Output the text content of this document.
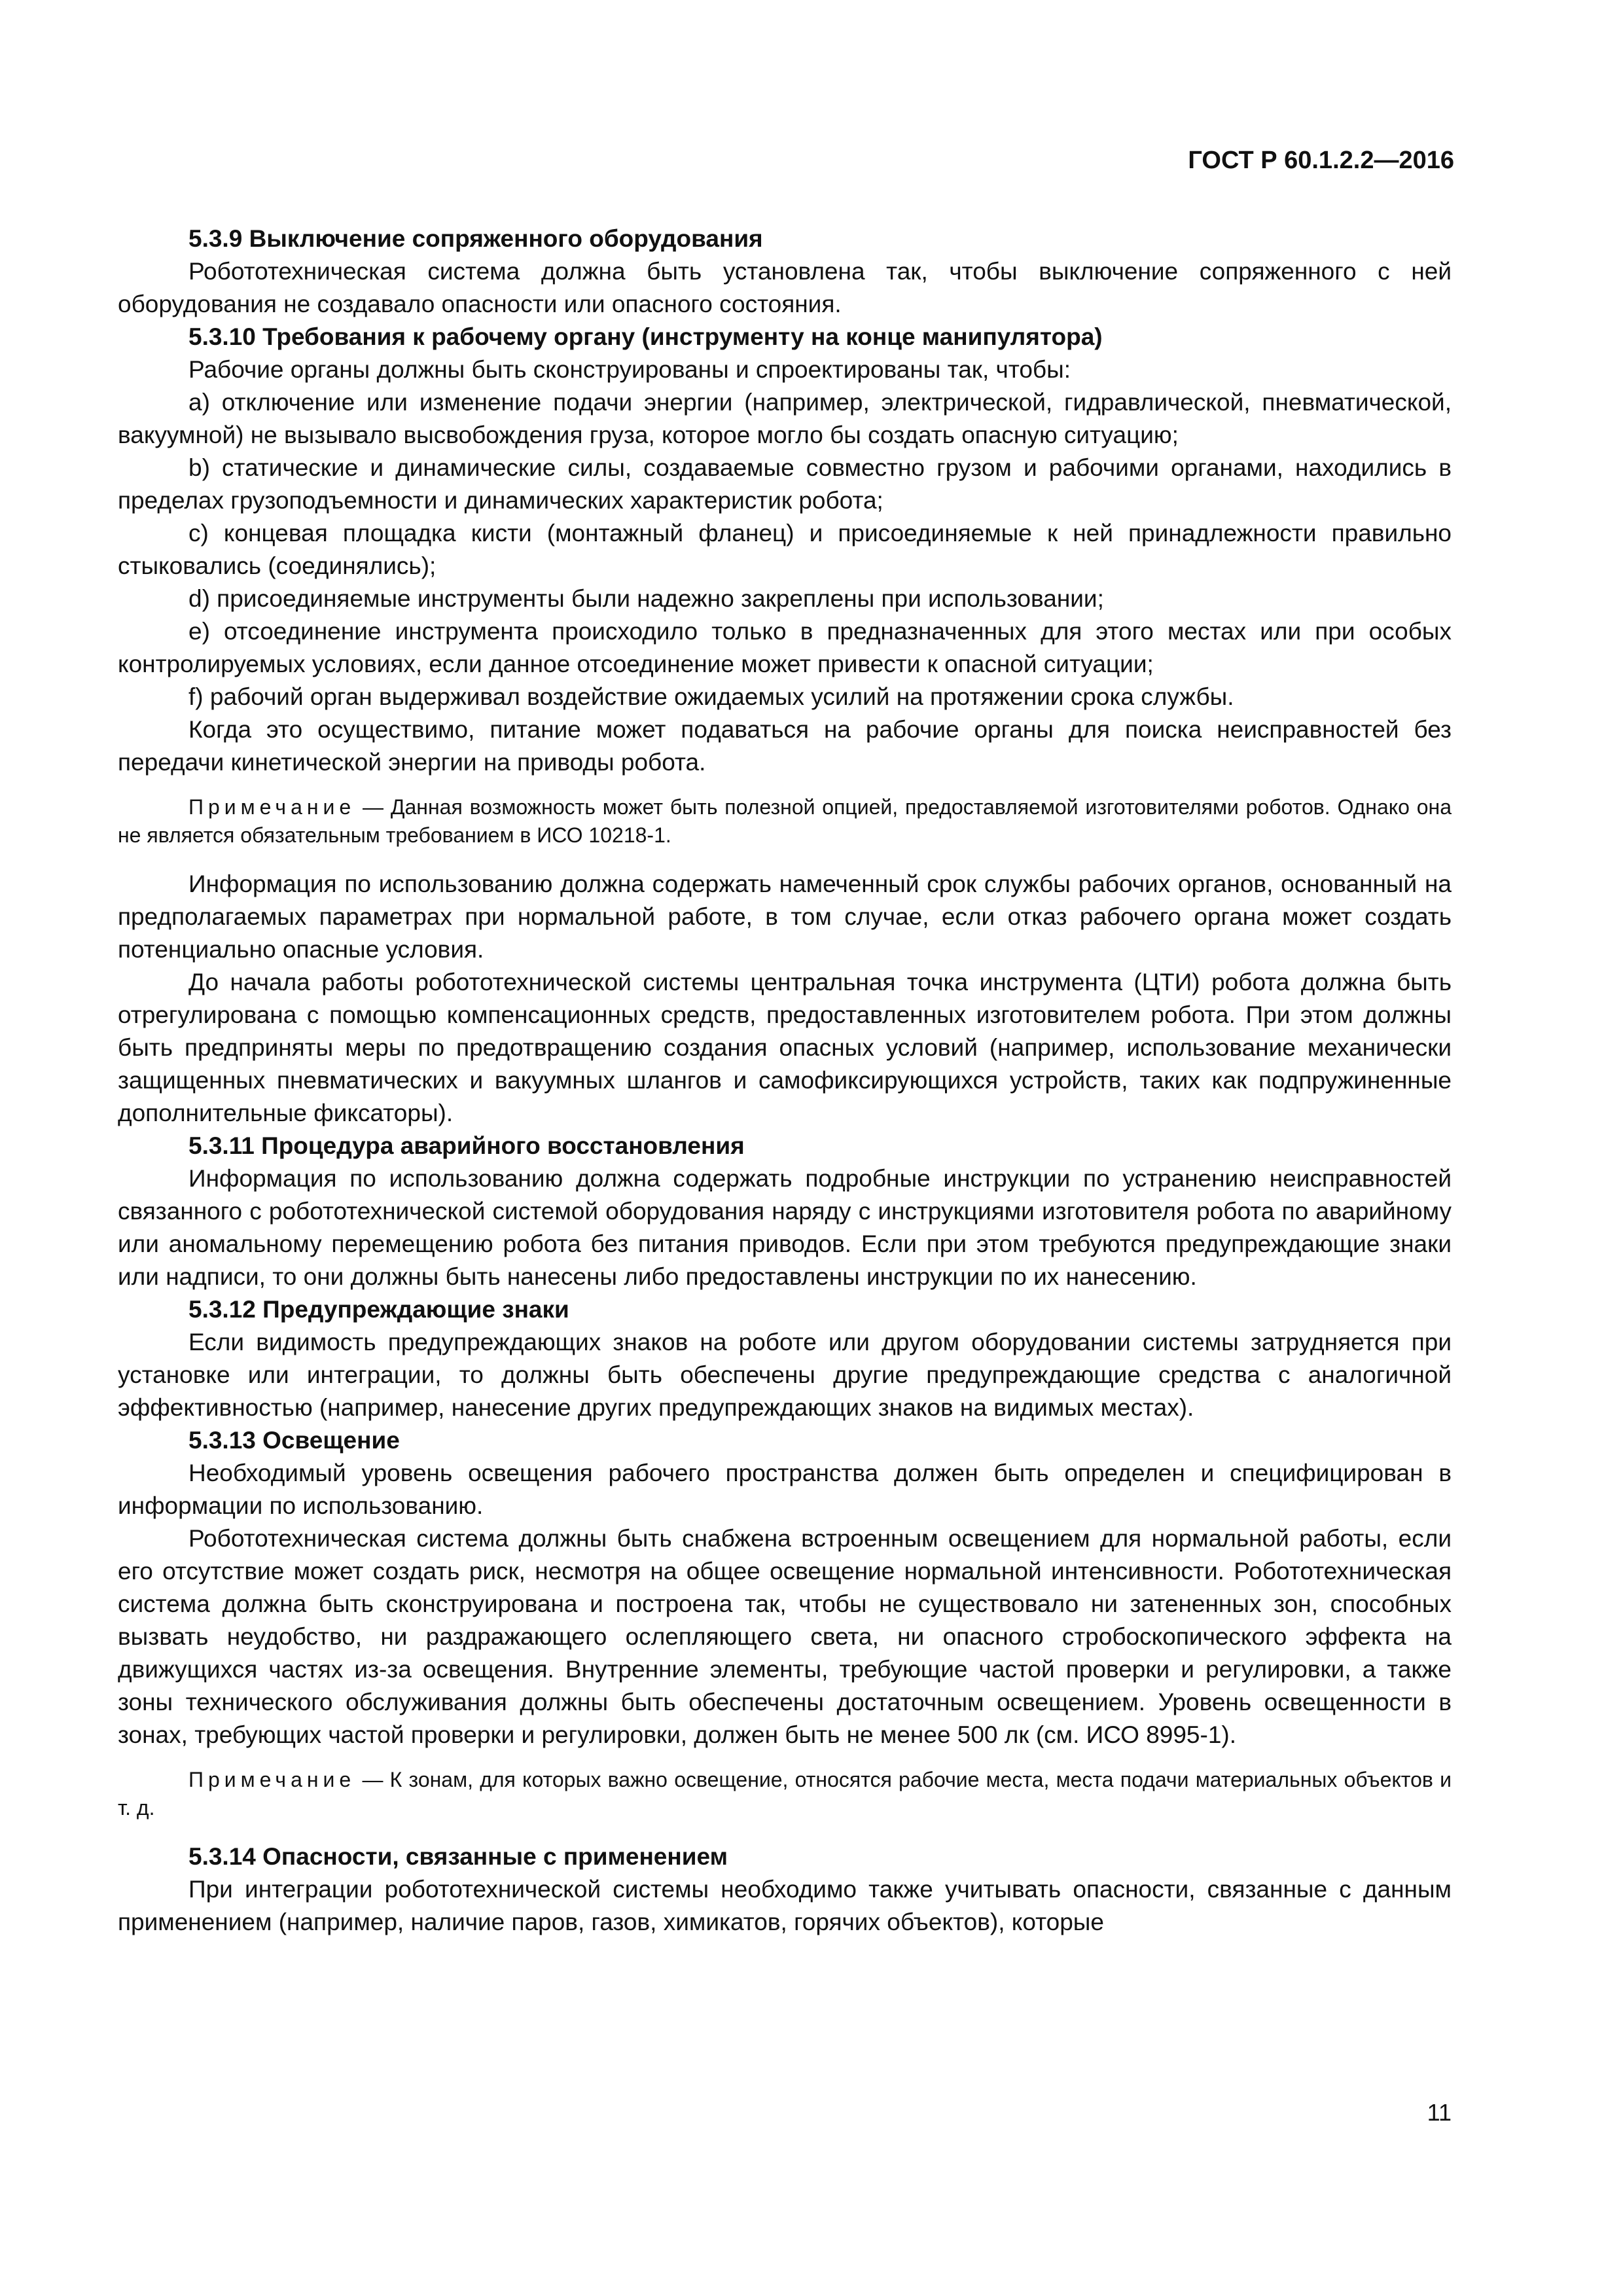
ГОСТ Р 60.1.2.2—2016

5.3.9 Выключение сопряженного оборудования

Робототехническая система должна быть установлена так, чтобы выключение сопряженного с ней оборудования не создавало опасности или опасного состояния.

5.3.10 Требования к рабочему органу (инструменту на конце манипулятора)

Рабочие органы должны быть сконструированы и спроектированы так, чтобы:

а) отключение или изменение подачи энергии (например, электрической, гидравлической, пневматической, вакуумной) не вызывало высвобождения груза, которое могло бы создать опасную ситуацию;

b) статические и динамические силы, создаваемые совместно грузом и рабочими органами, находились в пределах грузоподъемности и динамических характеристик робота;

c) концевая площадка кисти (монтажный фланец) и присоединяемые к ней принадлежности правильно стыковались (соединялись);

d) присоединяемые инструменты были надежно закреплены при использовании;

e) отсоединение инструмента происходило только в предназначенных для этого местах или при особых контролируемых условиях, если данное отсоединение может привести к опасной ситуации;

f) рабочий орган выдерживал воздействие ожидаемых усилий на протяжении срока службы.

Когда это осуществимо, питание может подаваться на рабочие органы для поиска неисправностей без передачи кинетической энергии на приводы робота.

Примечание — Данная возможность может быть полезной опцией, предоставляемой изготовителями роботов. Однако она не является обязательным требованием в ИСО 10218-1.

Информация по использованию должна содержать намеченный срок службы рабочих органов, основанный на предполагаемых параметрах при нормальной работе, в том случае, если отказ рабочего органа может создать потенциально опасные условия.

До начала работы робототехнической системы центральная точка инструмента (ЦТИ) робота должна быть отрегулирована с помощью компенсационных средств, предоставленных изготовителем робота. При этом должны быть предприняты меры по предотвращению создания опасных условий (например, использование механически защищенных пневматических и вакуумных шлангов и самофиксирующихся устройств, таких как подпружиненные дополнительные фиксаторы).

5.3.11 Процедура аварийного восстановления

Информация по использованию должна содержать подробные инструкции по устранению неисправностей связанного с робототехнической системой оборудования наряду с инструкциями изготовителя робота по аварийному или аномальному перемещению робота без питания приводов. Если при этом требуются предупреждающие знаки или надписи, то они должны быть нанесены либо предоставлены инструкции по их нанесению.

5.3.12 Предупреждающие знаки

Если видимость предупреждающих знаков на роботе или другом оборудовании системы затрудняется при установке или интеграции, то должны быть обеспечены другие предупреждающие средства с аналогичной эффективностью (например, нанесение других предупреждающих знаков на видимых местах).

5.3.13 Освещение

Необходимый уровень освещения рабочего пространства должен быть определен и специфицирован в информации по использованию.

Робототехническая система должны быть снабжена встроенным освещением для нормальной работы, если его отсутствие может создать риск, несмотря на общее освещение нормальной интенсивности. Робототехническая система должна быть сконструирована и построена так, чтобы не существовало ни затененных зон, способных вызвать неудобство, ни раздражающего ослепляющего света, ни опасного стробоскопического эффекта на движущихся частях из-за освещения. Внутренние элементы, требующие частой проверки и регулировки, а также зоны технического обслуживания должны быть обеспечены достаточным освещением. Уровень освещенности в зонах, требующих частой проверки и регулировки, должен быть не менее 500 лк (см. ИСО 8995-1).

Примечание — К зонам, для которых важно освещение, относятся рабочие места, места подачи материальных объектов и т. д.

5.3.14 Опасности, связанные с применением

При интеграции робототехнической системы необходимо также учитывать опасности, связанные с данным применением (например, наличие паров, газов, химикатов, горячих объектов), которые

11
